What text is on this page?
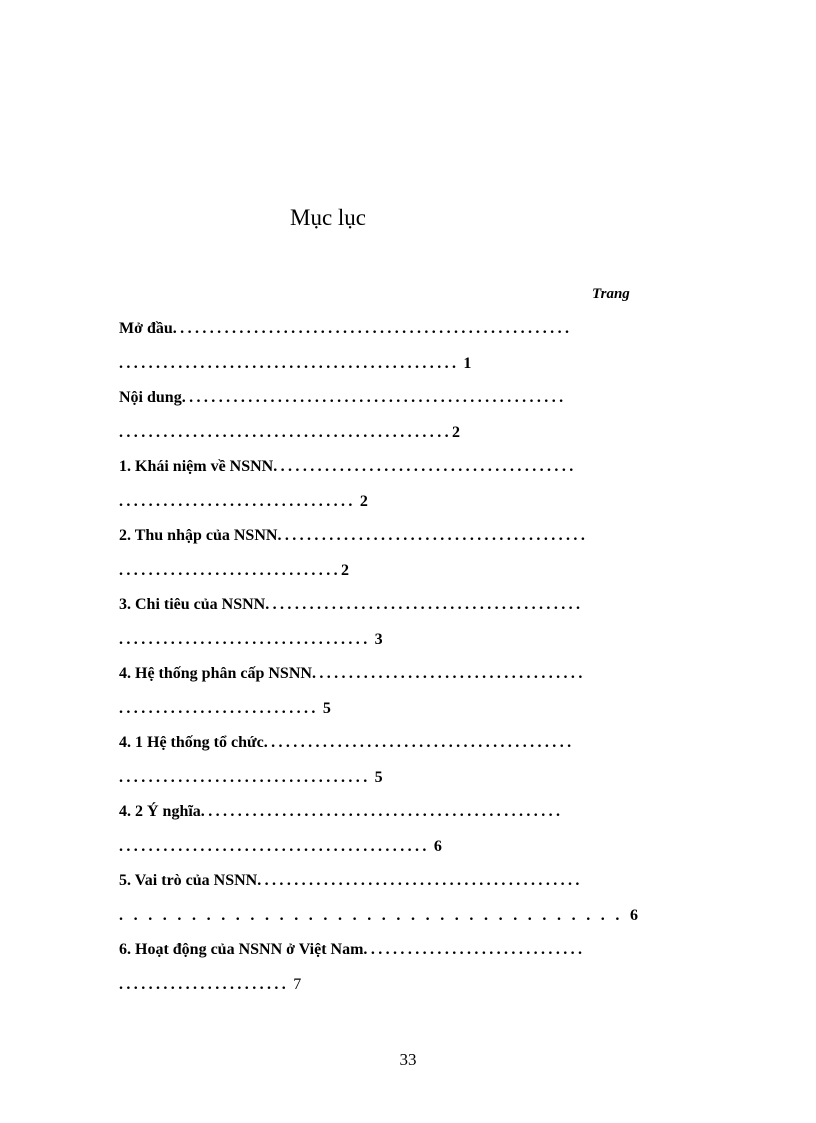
Mục lục
Trang
Mở đầu......................................................
.............................................. 1
Nội dung....................................................
.............................................2
1. Khái niệm về NSNN.........................................
................................ 2
2. Thu nhập của NSNN..........................................
..............................2
3. Chi tiêu của NSNN...........................................
.................................. 3
4. Hệ thống phân cấp NSNN.....................................
........................... 5
4. 1 Hệ thống tổ chức..........................................
.................................. 5
4. 2 Ý nghĩa.................................................
.......................................... 6
5. Vai trò của NSNN............................................
...................................6
6. Hoạt động của NSNN ở Việt Nam..............................
....................... 7
33
